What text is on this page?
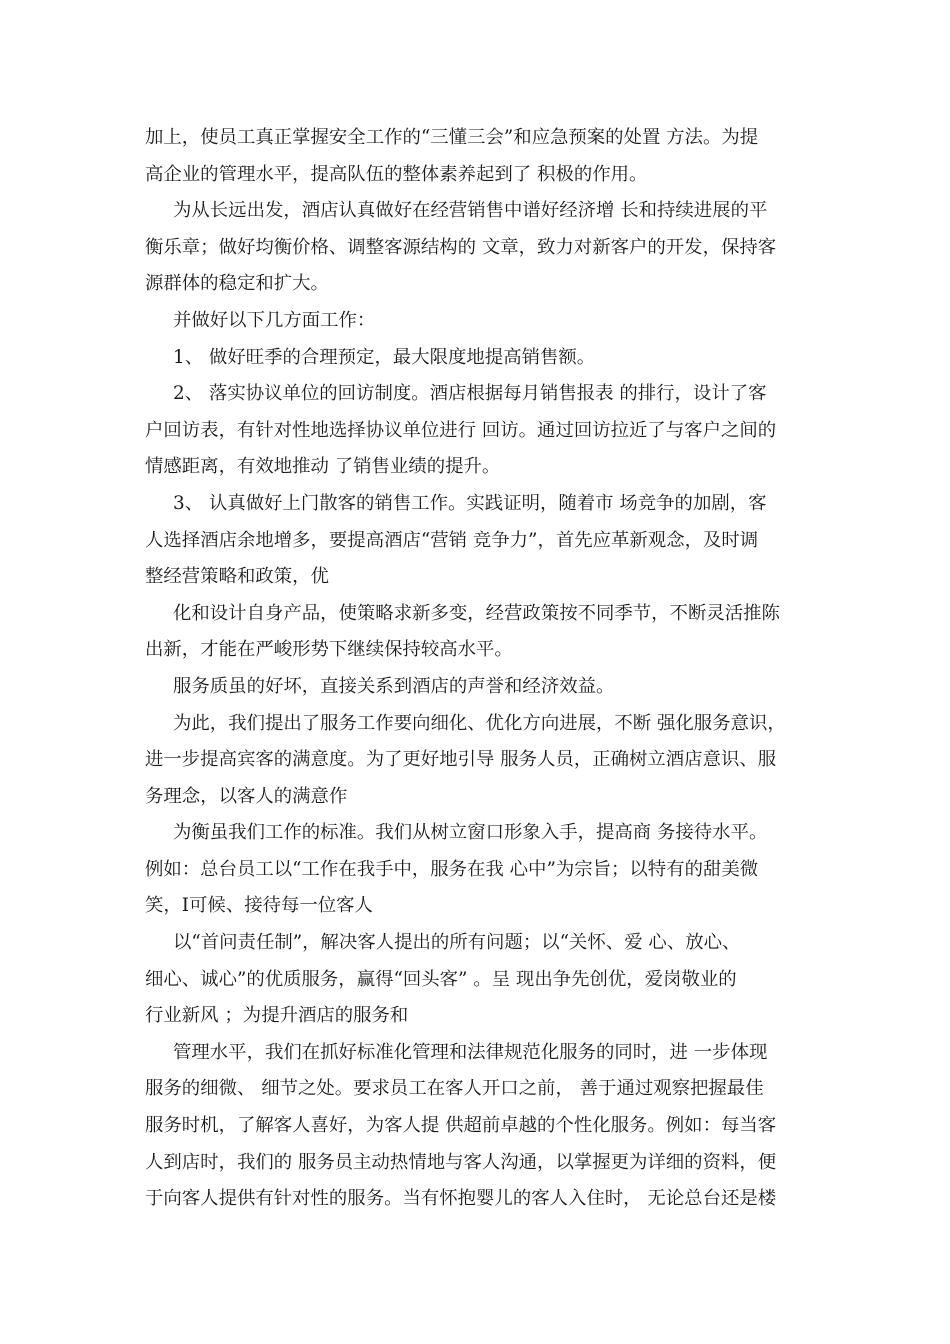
加上，使员工真正掌握安全工作的“三懂三会”和应急预案的处置 方法。为提
高企业的管理水平，提高队伍的整体素养起到了 积极的作用。
为从长远出发，酒店认真做好在经营销售中谱好经济增 长和持续进展的平
衡乐章；做好均衡价格、调整客源结构的 文章，致力对新客户的开发，保持客
源群体的稳定和扩大。
并做好以下几方面工作：
1、 做好旺季的合理预定，最大限度地提高销售额。
2、 落实协议单位的回访制度。酒店根据每月销售报表 的排行，设计了客
户回访表，有针对性地选择协议单位进行 回访。通过回访拉近了与客户之间的
情感距离，有效地推动 了销售业绩的提升。
3、 认真做好上门散客的销售工作。实践证明，随着市 场竞争的加剧，客
人选择酒店余地增多，要提高酒店“营销 竞争力”，首先应革新观念，及时调
整经营策略和政策，优
化和设计自身产品，使策略求新多变，经营政策按不同季节，不断灵活推陈
出新，才能在严峻形势下继续保持较高水平。
服务质虽的好坏，直接关系到酒店的声誉和经济效益。
为此，我们提出了服务工作要向细化、优化方向进展，不断 强化服务意识，
进一步提高宾客的满意度。为了更好地引导 服务人员，正确树立酒店意识、服
务理念，以客人的满意作
为衡虽我们工作的标准。我们从树立窗口形象入手，提高商 务接待水平。
例如：总台员工以“工作在我手中，服务在我 心中”为宗旨；以特有的甜美微
笑，I可候、接待每一位客人
以“首问责任制”，解决客人提出的所有问题；以“关怀、爱 心、放心、
细心、诚心”的优质服务，赢得“回头客” 。呈 现出争先创优，爱岗敬业的
行业新风 ；为提升酒店的服务和
管理水平，我们在抓好标准化管理和法律规范化服务的同时，进 一步体现
服务的细微、 细节之处。要求员工在客人开口之前， 善于通过观察把握最佳
服务时机，了解客人喜好，为客人提 供超前卓越的个性化服务。例如：每当客
人到店时，我们的 服务员主动热情地与客人沟通，以掌握更为详细的资料，便
于向客人提供有针对性的服务。当有怀抱婴儿的客人入住时， 无论总台还是楼
